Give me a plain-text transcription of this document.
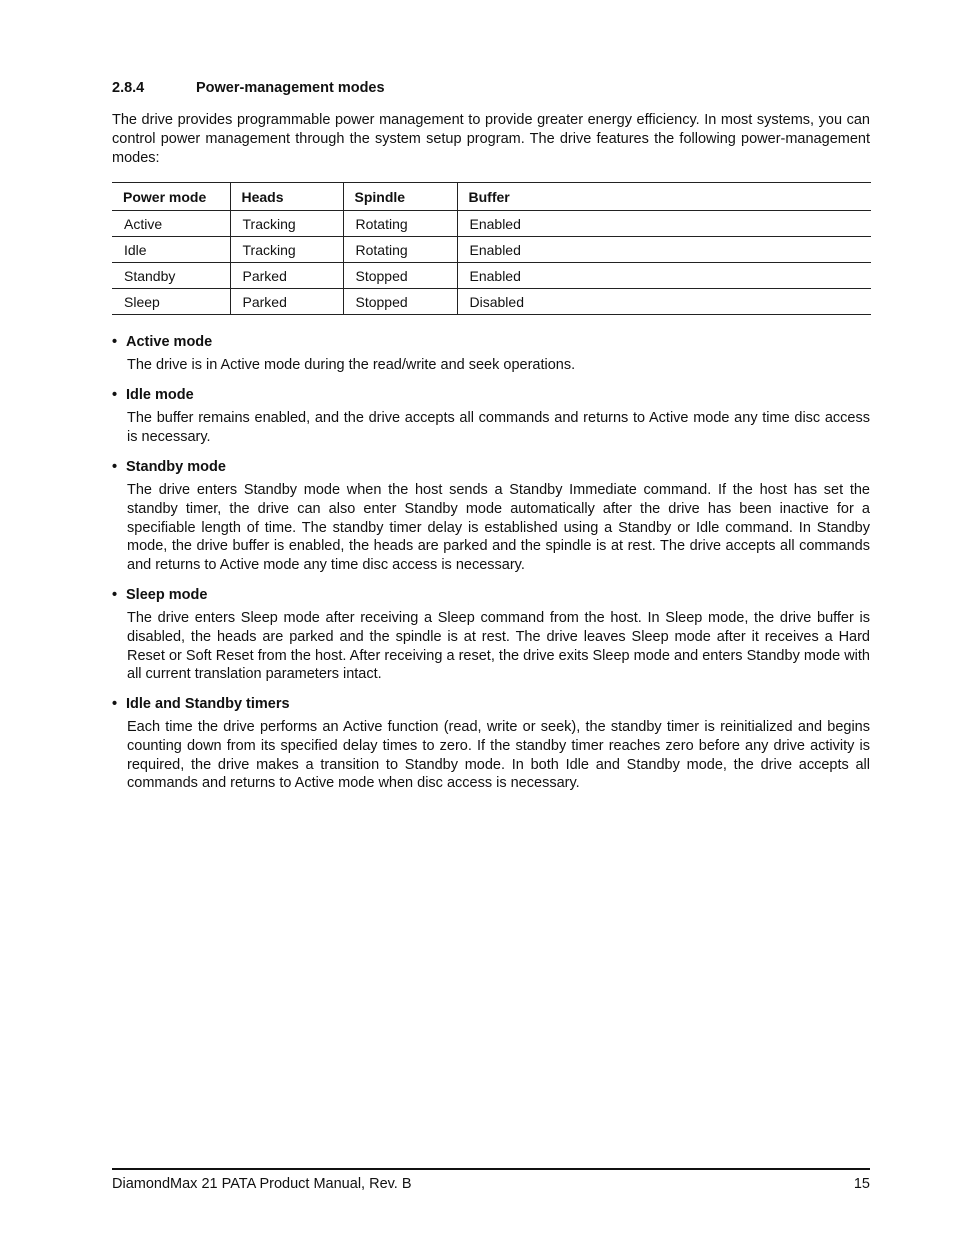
2.8.4	Power-management modes

The drive provides programmable power management to provide greater energy efficiency. In most systems, you can control power management through the system setup program. The drive features the following power-management modes:

Power mode	Heads	Spindle	Buffer
Active	Tracking	Rotating	Enabled
Idle	Tracking	Rotating	Enabled
Standby	Parked	Stopped	Enabled
Sleep	Parked	Stopped	Disabled

• Active mode

The drive is in Active mode during the read/write and seek operations.

• Idle mode

The buffer remains enabled, and the drive accepts all commands and returns to Active mode any time disc access is necessary.

• Standby mode

The drive enters Standby mode when the host sends a Standby Immediate command. If the host has set the standby timer, the drive can also enter Standby mode automatically after the drive has been inactive for a specifiable length of time. The standby timer delay is established using a Standby or Idle command. In Standby mode, the drive buffer is enabled, the heads are parked and the spindle is at rest. The drive accepts all commands and returns to Active mode any time disc access is necessary.

• Sleep mode

The drive enters Sleep mode after receiving a Sleep command from the host. In Sleep mode, the drive buffer is disabled, the heads are parked and the spindle is at rest. The drive leaves Sleep mode after it receives a Hard Reset or Soft Reset from the host. After receiving a reset, the drive exits Sleep mode and enters Standby mode with all current translation parameters intact.

• Idle and Standby timers

Each time the drive performs an Active function (read, write or seek), the standby timer is reinitialized and begins counting down from its specified delay times to zero. If the standby timer reaches zero before any drive activity is required, the drive makes a transition to Standby mode. In both Idle and Standby mode, the drive accepts all commands and returns to Active mode when disc access is necessary.

DiamondMax 21 PATA Product Manual, Rev. B	15
